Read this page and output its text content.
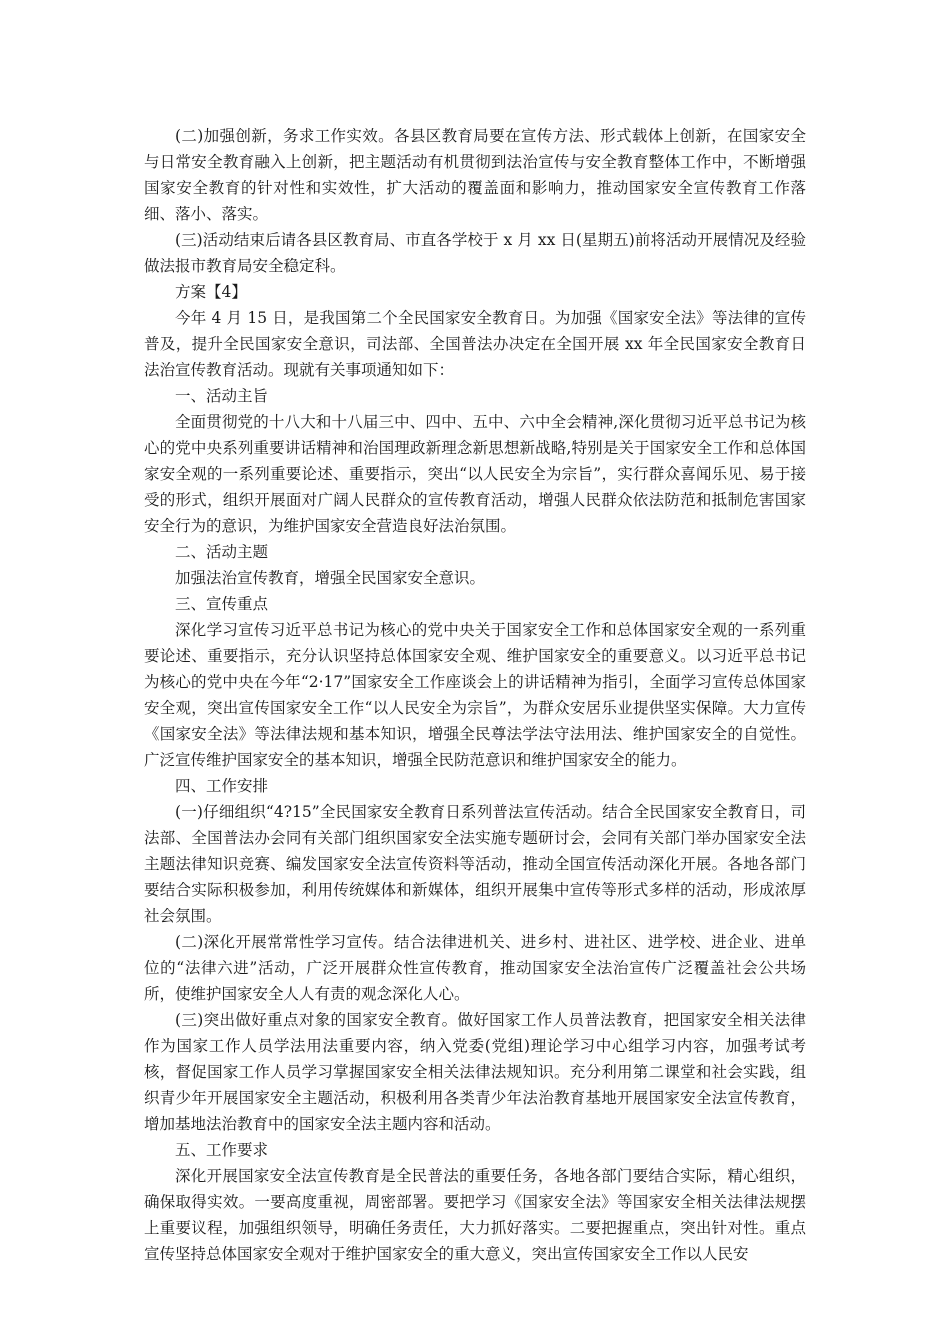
(二)加强创新，务求工作实效。各县区教育局要在宣传方法、形式载体上创新，在国家安全与日常安全教育融入上创新，把主题活动有机贯彻到法治宣传与安全教育整体工作中，不断增强国家安全教育的针对性和实效性，扩大活动的覆盖面和影响力，推动国家安全宣传教育工作落细、落小、落实。

(三)活动结束后请各县区教育局、市直各学校于 x 月 xx 日(星期五)前将活动开展情况及经验做法报市教育局安全稳定科。

方案【4】

今年 4 月 15 日，是我国第二个全民国家安全教育日。为加强《国家安全法》等法律的宣传普及，提升全民国家安全意识，司法部、全国普法办决定在全国开展 xx 年全民国家安全教育日法治宣传教育活动。现就有关事项通知如下：

一、活动主旨

全面贯彻党的十八大和十八届三中、四中、五中、六中全会精神,深化贯彻习近平总书记为核心的党中央系列重要讲话精神和治国理政新理念新思想新战略,特别是关于国家安全工作和总体国家安全观的一系列重要论述、重要指示，突出“以人民安全为宗旨”，实行群众喜闻乐见、易于接受的形式，组织开展面对广阔人民群众的宣传教育活动，增强人民群众依法防范和抵制危害国家安全行为的意识，为维护国家安全营造良好法治氛围。

二、活动主题

加强法治宣传教育，增强全民国家安全意识。

三、宣传重点

深化学习宣传习近平总书记为核心的党中央关于国家安全工作和总体国家安全观的一系列重要论述、重要指示，充分认识坚持总体国家安全观、维护国家安全的重要意义。以习近平总书记为核心的党中央在今年“2·17”国家安全工作座谈会上的讲话精神为指引，全面学习宣传总体国家安全观，突出宣传国家安全工作“以人民安全为宗旨”，为群众安居乐业提供坚实保障。大力宣传《国家安全法》等法律法规和基本知识，增强全民尊法学法守法用法、维护国家安全的自觉性。广泛宣传维护国家安全的基本知识，增强全民防范意识和维护国家安全的能力。

四、工作安排

(一)仔细组织“4?15”全民国家安全教育日系列普法宣传活动。结合全民国家安全教育日，司法部、全国普法办会同有关部门组织国家安全法实施专题研讨会，会同有关部门举办国家安全法主题法律知识竞赛、编发国家安全法宣传资料等活动，推动全国宣传活动深化开展。各地各部门要结合实际积极参加，利用传统媒体和新媒体，组织开展集中宣传等形式多样的活动，形成浓厚社会氛围。

(二)深化开展常常性学习宣传。结合法律进机关、进乡村、进社区、进学校、进企业、进单位的“法律六进”活动，广泛开展群众性宣传教育，推动国家安全法治宣传广泛覆盖社会公共场所，使维护国家安全人人有责的观念深化人心。

(三)突出做好重点对象的国家安全教育。做好国家工作人员普法教育，把国家安全相关法律作为国家工作人员学法用法重要内容，纳入党委(党组)理论学习中心组学习内容，加强考试考核，督促国家工作人员学习掌握国家安全相关法律法规知识。充分利用第二课堂和社会实践，组织青少年开展国家安全主题活动，积极利用各类青少年法治教育基地开展国家安全法宣传教育，增加基地法治教育中的国家安全法主题内容和活动。

五、工作要求

深化开展国家安全法宣传教育是全民普法的重要任务，各地各部门要结合实际，精心组织，确保取得实效。一要高度重视，周密部署。要把学习《国家安全法》等国家安全相关法律法规摆上重要议程，加强组织领导，明确任务责任，大力抓好落实。二要把握重点，突出针对性。重点宣传坚持总体国家安全观对于维护国家安全的重大意义，突出宣传国家安全工作以人民安
